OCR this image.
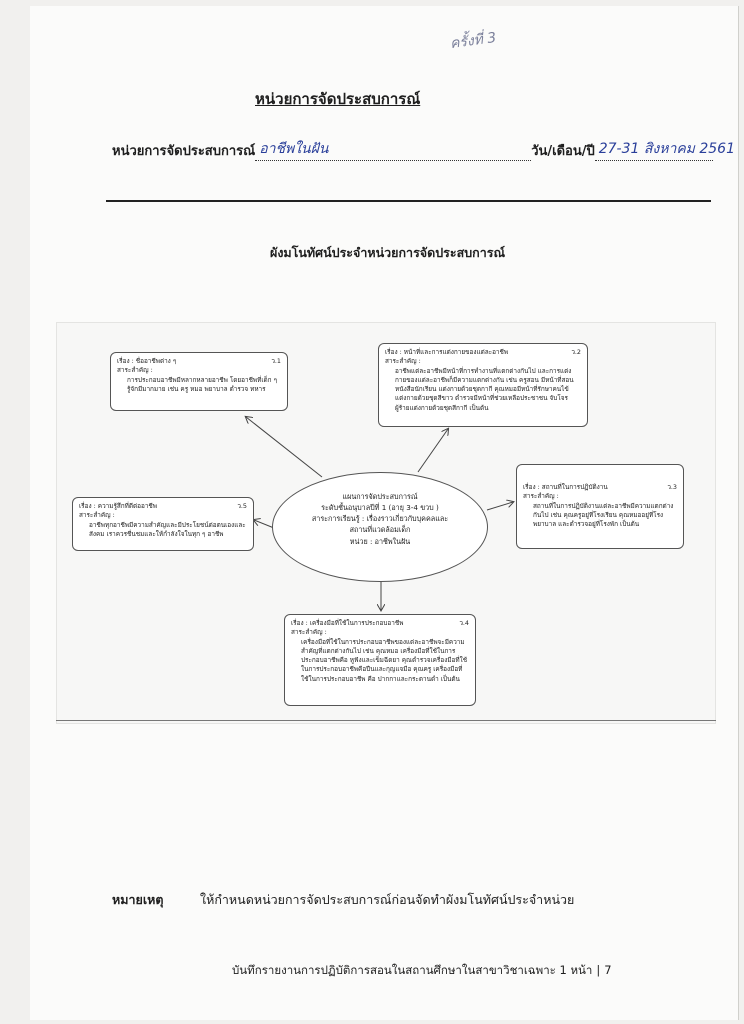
ครั้งที่ 3
หน่วยการจัดประสบการณ์
หน่วยการจัดประสบการณ์ อาชีพในฝัน	วัน/เดือน/ปี 27-31 สิงหาคม 2561
ผังมโนทัศน์ประจำหน่วยการจัดประสบการณ์
เรื่อง : ชื่ออาชีพต่าง ๆ	ว.1
สาระสำคัญ :
การประกอบอาชีพมีหลากหลายอาชีพ โดยอาชีพที่เด็ก ๆ รู้จักมีมากมาย เช่น ครู หมอ พยาบาล ตำรวจ ทหาร
เรื่อง : หน้าที่และการแต่งกายของแต่ละอาชีพ	ว.2
สาระสำคัญ :
อาชีพแต่ละอาชีพมีหน้าที่การทำงานที่แตกต่างกันไป และการแต่งกายของแต่ละอาชีพก็มีความแตกต่างกัน เช่น ครูสอน มีหน้าที่สอนหนังสือนักเรียน แต่งกายด้วยชุดกากี คุณหมอมีหน้าที่รักษาคนไข้ แต่งกายด้วยชุดสีขาว ตำรวจมีหน้าที่ช่วยเหลือประชาชน จับโจรผู้ร้ายแต่งกายด้วยชุดสีกากี เป็นต้น
เรื่อง : สถานที่ในการปฏิบัติงาน	ว.3
สาระสำคัญ :
สถานที่ในการปฏิบัติงานแต่ละอาชีพมีความแตกต่างกันไป เช่น คุณครูอยู่ที่โรงเรียน คุณหมออยู่ที่โรงพยาบาล และตำรวจอยู่ที่โรงพัก เป็นต้น
แผนการจัดประสบการณ์
ระดับชั้นอนุบาลปีที่ 1 (อายุ 3-4 ขวบ )
สาระการเรียนรู้ : เรื่องราวเกี่ยวกับบุคคลและ
สถานที่แวดล้อมเด็ก
หน่วย : อาชีพในฝัน
เรื่อง : ความรู้สึกที่ดีต่ออาชีพ	ว.5
สาระสำคัญ :
อาชีพทุกอาชีพมีความสำคัญและมีประโยชน์ต่อตนเองและสังคม เราควรชื่นชมและให้กำลังใจในทุก ๆ อาชีพ
เรื่อง : เครื่องมือที่ใช้ในการประกอบอาชีพ	ว.4
สาระสำคัญ :
เครื่องมือที่ใช้ในการประกอบอาชีพของแต่ละอาชีพจะมีความสำคัญที่แตกต่างกันไป เช่น คุณหมอ เครื่องมือที่ใช้ในการประกอบอาชีพคือ หูฟังและเข็มฉีดยา คุณตำรวจเครื่องมือที่ใช้ในการประกอบอาชีพคือปืนและกุญแจมือ คุณครู เครื่องมือที่ใช้ในการประกอบอาชีพ คือ ปากกาและกระดานดำ เป็นต้น
หมายเหตุ	ให้กำหนดหน่วยการจัดประสบการณ์ก่อนจัดทำผังมโนทัศน์ประจำหน่วย
บันทึกรายงานการปฏิบัติการสอนในสถานศึกษาในสาขาวิชาเฉพาะ 1 หน้า | 7
